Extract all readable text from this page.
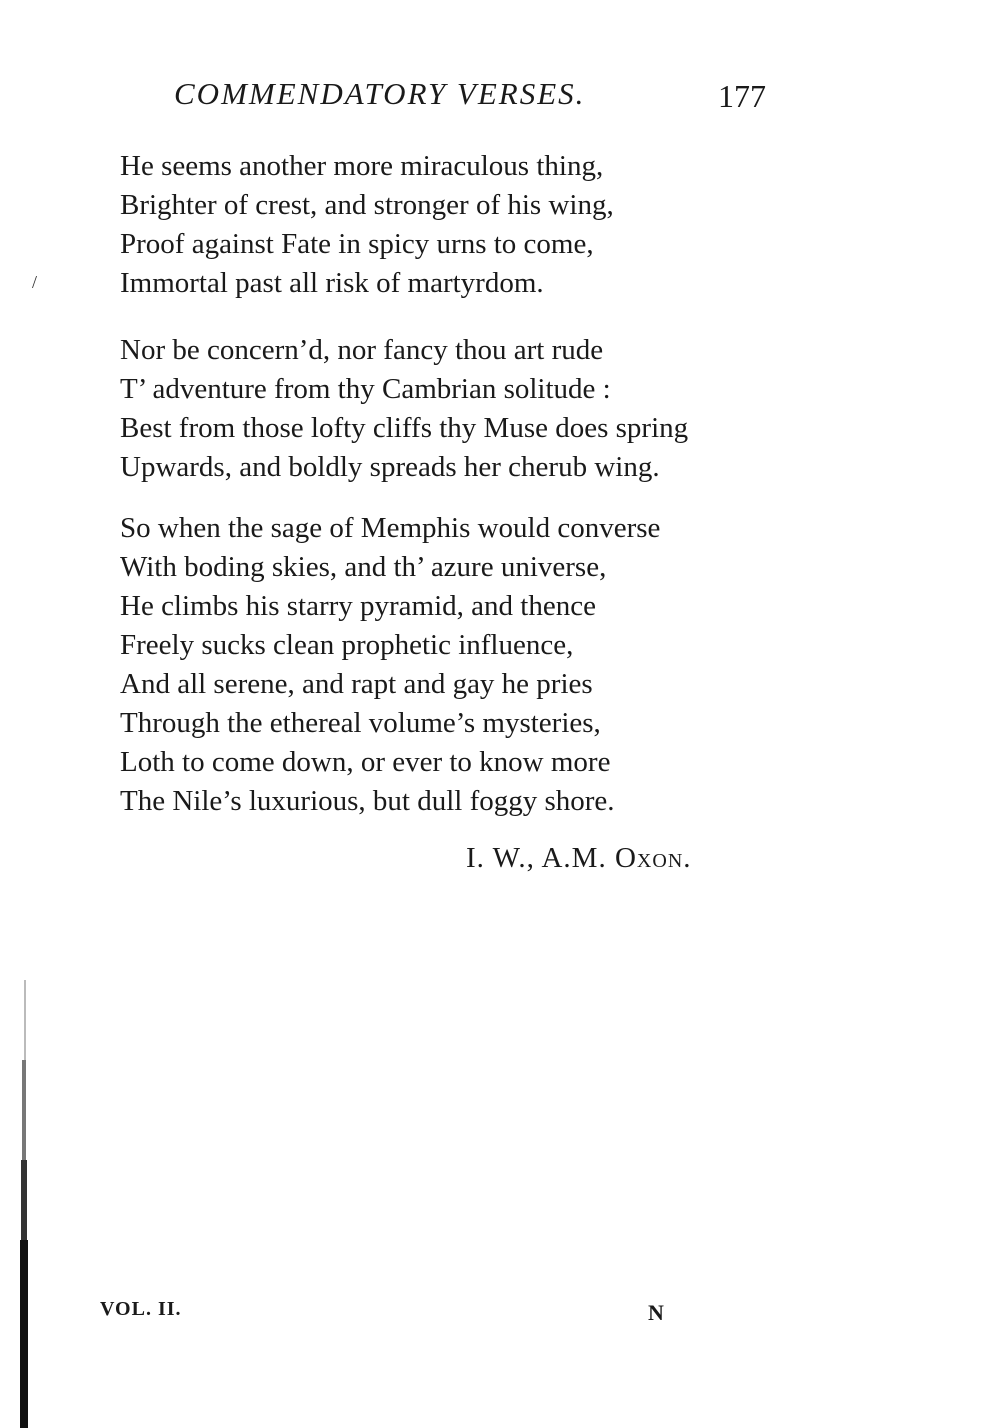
/
COMMENDATORY VERSES.	177
He seems another more miraculous thing,
Brighter of crest, and stronger of his wing,
Proof against Fate in spicy urns to come,
Immortal past all risk of martyrdom.
Nor be concern’d, nor fancy thou art rude
T’ adventure from thy Cambrian solitude :
Best from those lofty cliffs thy Muse does spring
Upwards, and boldly spreads her cherub wing.
So when the sage of Memphis would converse
With boding skies, and th’ azure universe,
He climbs his starry pyramid, and thence
Freely sucks clean prophetic influence,
And all serene, and rapt and gay he pries
Through the ethereal volume’s mysteries,
Loth to come down, or ever to know more
The Nile’s luxurious, but dull foggy shore.
I. W., A.M. Oxon.
VOL. II.	N
